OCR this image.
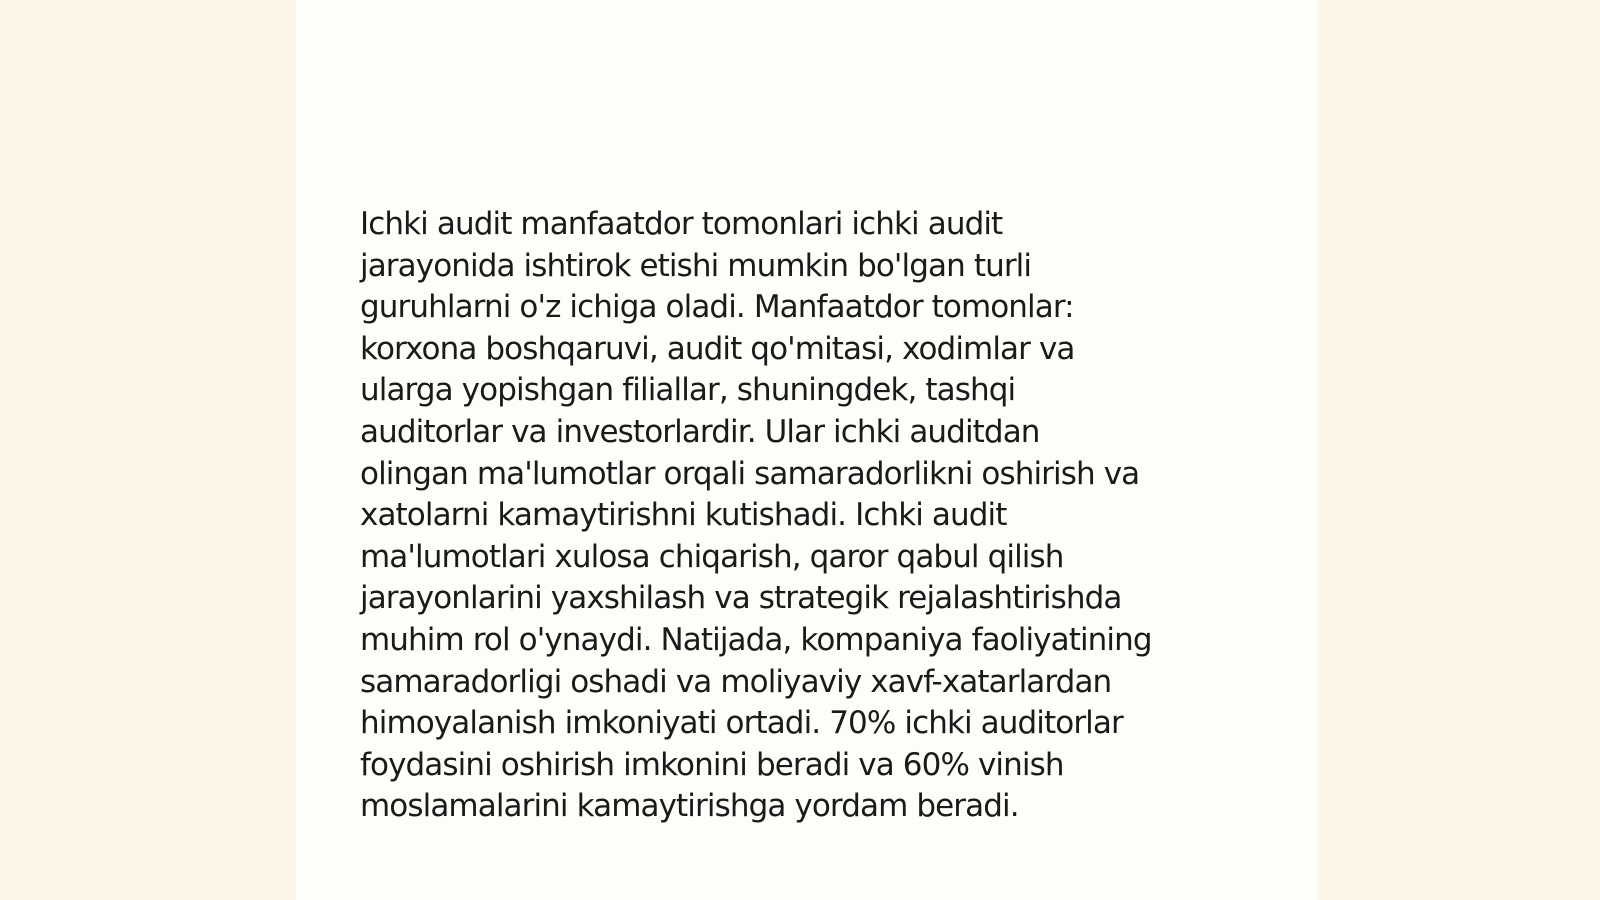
Ichki audit manfaatdor tomonlari ichki audit
jarayonida ishtirok etishi mumkin bo'lgan turli
guruhlarni o'z ichiga oladi. Manfaatdor tomonlar:
korxona boshqaruvi, audit qo'mitasi, xodimlar va
ularga yopishgan filiallar, shuningdek, tashqi
auditorlar va investorlardir. Ular ichki auditdan
olingan ma'lumotlar orqali samaradorlikni oshirish va
xatolarni kamaytirishni kutishadi. Ichki audit
ma'lumotlari xulosa chiqarish, qaror qabul qilish
jarayonlarini yaxshilash va strategik rejalashtirishda
muhim rol o'ynaydi. Natijada, kompaniya faoliyatining
samaradorligi oshadi va moliyaviy xavf-xatarlardan
himoyalanish imkoniyati ortadi. 70% ichki auditorlar
foydasini oshirish imkonini beradi va 60% vinish
moslamalarini kamaytirishga yordam beradi.
